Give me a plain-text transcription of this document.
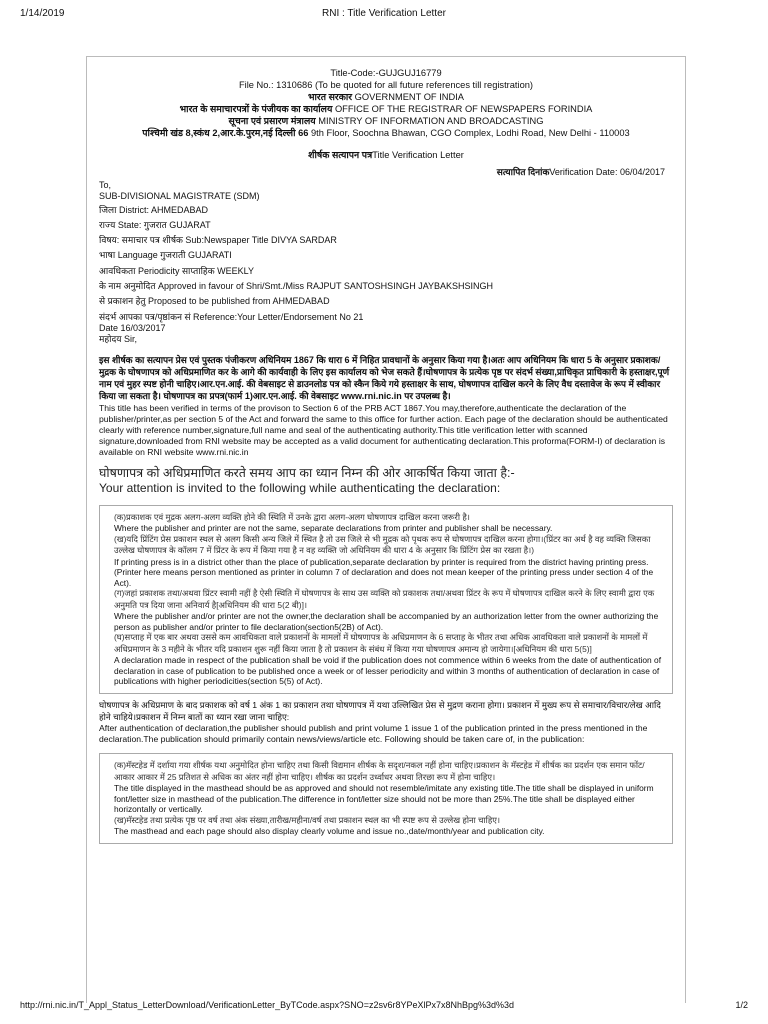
1/14/2019	RNI : Title Verification Letter
Title-Code:-GUJGUJ16779
File No.: 1310686 (To be quoted for all future references till registration)
भारत सरकार GOVERNMENT OF INDIA
भारत के समाचारपत्रों के पंजीयक का कार्यालय OFFICE OF THE REGISTRAR OF NEWSPAPERS FORINDIA
सूचना एवं प्रसारण मंत्रालय MINISTRY OF INFORMATION AND BROADCASTING
पश्चिमी खंड 8,स्कंध 2,आर.के.पुरम,नई दिल्ली 66 9th Floor, Soochna Bhawan, CGO Complex, Lodhi Road, New Delhi - 110003
शीर्षक सत्यापन पत्रTitle Verification Letter
सत्यापित दिनांकVerification Date: 06/04/2017
To,
SUB-DIVISIONAL MAGISTRATE (SDM)
जिला District: AHMEDABAD
राज्य State: गुजरात GUJARAT
विषय: समाचार पत्र शीर्षक Sub:Newspaper Title DIVYA SARDAR
भाषा Language गुजराती GUJARATI
आवधिकता Periodicity साप्ताहिक WEEKLY
के नाम अनुमोदित Approved in favour of Shri/Smt./Miss RAJPUT SANTOSHSINGH JAYBAKSHSINGH
से प्रकाशन हेतु Proposed to be published from AHMEDABAD
संदर्भ आपका पत्र/पृष्ठांकन सं Reference:Your Letter/Endorsement No 21
Date 16/03/2017
महोदय Sir,
इस शीर्षक का सत्यापन प्रेस एवं पुस्तक पंजीकरण अधिनियम 1867 कि धारा 6 में निहित प्रावधानों के अनुसार किया गया है।अतः आप अधिनियम कि धारा 5 के अनुसार प्रकाशक/मुद्रक के घोषणापत्र को अधिप्रमाणित कर के आगे की कार्यवाही के लिए इस कार्यालय को भेज सकते हैं।घोषणापत्र के प्रत्येक पृष्ठ पर संदर्भ संख्या,प्राधिकृत प्राधिकारी के हस्ताक्षर,पूर्ण नाम एवं मुहर स्पष्ट होनी चाहिए।आर.एन.आई. की वेबसाइट से डाउनलोड पत्र को स्कैन किये गये हस्ताक्षर के साथ, घोषणापत्र दाखिल करने के लिए वैध दस्तावेज के रूप में स्वीकार किया जा सकता है। घोषणापत्र का प्रपत्र(फार्म 1)आर.एन.आई. की वेबसाइट www.rni.nic.in पर उपलब्ध है।
This title has been verified in terms of the provison to Section 6 of the PRB ACT 1867.You may,therefore,authenticate the declaration of the publisher/printer,as per section 5 of the Act and forward the same to this office for further action. Each page of the declaration should be authenticated clearly with reference number,signature,full name and seal of the authenticating authority.This title verification letter with scanned signature,downloaded from RNI website may be accepted as a valid document for authenticating declaration.This proforma(FORM-I) of declaration is available on RNI website www.rni.nic.in
घोषणापत्र को अधिप्रमाणित करते समय आप का ध्यान निम्न की ओर आकर्षित किया जाता है:-
Your attention is invited to the following while authenticating the declaration:
(क)प्रकाशक एवं मुद्रक अलग-अलग व्यक्ति होने की स्थिति में उनके द्वारा अलग-अलग घोषणापत्र दाखिल करना जरूरी है।
Where the publisher and printer are not the same, separate declarations from printer and publisher shall be necessary.
(ख)यदि प्रिंटिंग प्रेस प्रकाशन स्थल से अलग किसी अन्य जिले में स्थित है तो उस जिले से भी मुद्रक को पृथक रूप से घोषणापत्र दाखिल करना होगा।(प्रिंटर का अर्थ है वह व्यक्ति जिसका उल्लेख घोषणापत्र के कॉलम 7 में प्रिंटर के रूप में किया गया है न वह व्यक्ति जो अधिनियम की धारा 4 के अनुसार कि प्रिंटिंग प्रेस का रखता है।)
If printing press is in a district other than the place of publication,separate declaration by printer is required from the district having printing press.(Printer here means person mentioned as printer in column 7 of declaration and does not mean keeper of the printing press under section 4 of the Act).
(ग)जहां प्रकाशक तथा/अथवा प्रिंटर स्वामी नहीं है ऐसी स्थिति में घोषणापत्र के साथ उस व्यक्ति को प्रकाशक तथा/अथवा प्रिंटर के रूप में घोषणापत्र दाखिल करने के लिए स्वामी द्वारा एक अनुमति पत्र दिया जाना अनिवार्य है[अधिनियम की धारा 5(2 बी)]।
Where the publisher and/or printer are not the owner,the declaration shall be accompanied by an authorization letter from the owner authorizing the person as publisher and/or printer to file declaration(section5(2B) of Act).
(घ)सप्ताह में एक बार अथवा उससे कम आवधिकता वाले प्रकाशनों के मामलों में घोषणापत्र के अधिप्रमाणन के 6 सप्ताह के भीतर तथा अधिक आवधिकता वाले प्रकाशनों के मामलों में अधिप्रमाणन के 3 महीने के भीतर यदि प्रकाशन शुरू नहीं किया जाता है तो प्रकाशन के संबंध में किया गया घोषणापत्र अमान्य हो जायेगा।[अधिनियम की धारा 5(5)]
A declaration made in respect of the publication shall be void if the publication does not commence within 6 weeks from the date of authentication of declaration in case of publication to be published once a week or of lesser periodicity and within 3 months of authentication of declaration in case of publications with higher periodicities(section 5(5) of Act).
घोषणापत्र के अधिप्रमाण के बाद प्रकाशक को वर्ष 1 अंक 1 का प्रकाशन तथा घोषणापत्र में यथा उल्लिखित प्रेस से मुद्रण कराना होगा। प्रकाशन में मुख्य रूप से समाचार/विचार/लेख आदि होने चाहिये।प्रकाशन में निम्न बातों का ध्यान रखा जाना चाहिए:
After authentication of declaration,the publisher should publish and print volume 1 issue 1 of the publication printed in the press mentioned in the declaration.The publication should primarily contain news/views/article etc. Following should be taken care of, in the publication:
(क)मॅस्टहेड में दर्शाया गया शीर्षक यथा अनुमोदित होना चाहिए तथा किसी विद्यमान शीर्षक के सदृश/नकल नहीं होना चाहिए।प्रकाशन के मॅस्टहेड में शीर्षक का प्रदर्शन एक समान फोंट/आकार आकार में 25 प्रतिशत से अधिक का अंतर नहीं होना चाहिए। शीर्षक का प्रदर्शन उर्ध्वाधर अथवा तिरछा रूप में होना चाहिए।
The title displayed in the masthead should be as approved and should not resemble/imitate any existing title.The title shall be displayed in uniform font/letter size in masthead of the publication.The difference in font/letter size should not be more than 25%.The title shall be displayed either horizontally or vertically.
(ख)मॅस्टहेड तथा प्रत्येक पृष्ठ पर वर्ष तथा अंक संख्या,तारीख/महीना/वर्ष तथा प्रकाशन स्थल का भी स्पष्ट रूप से उल्लेख होना चाहिए।
The masthead and each page should also display clearly volume and issue no.,date/month/year and publication city.
http://rni.nic.in/T_Appl_Status_LetterDownload/VerificationLetter_ByTCode.aspx?SNO=z2sv6r8YPeXlPx7x8NhBpg%3d%3d	1/2
